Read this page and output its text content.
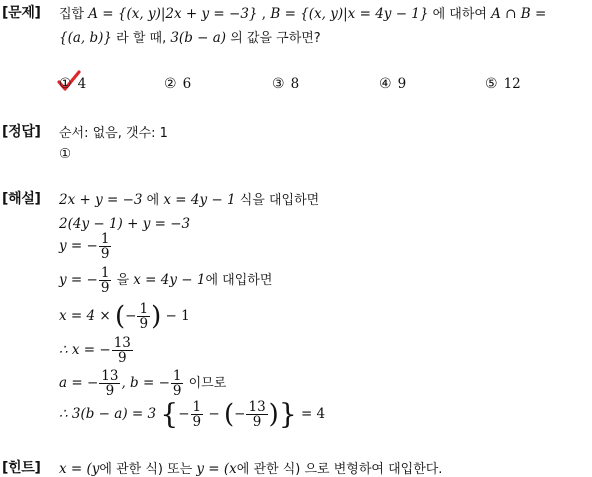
[문제] 집합 A = {(x, y)|2x + y = −3} , B = {(x, y)|x = 4y − 1} 에 대하여 A ∩ B =
{(a, b)} 라 할 때, 3(b − a) 의 값을 구하면?
① 4	② 6	③ 8	④ 9	⑤ 12
[정답] 순서: 없음, 갯수: 1
①
[해설] 2x + y = −3 에 x = 4y − 1 식을 대입하면
2(4y − 1) + y = −3
y = − $\frac{1}{9}$
y = − $\frac{1}{9}$ 을 x = 4y − 1에 대입하면
x = 4 × (− $\frac{1}{9}$ ) − 1
∴ x = − $\frac{13}{9}$
a = − $\frac{13}{9}$ , b = − $\frac{1}{9}$ 이므로
∴ 3(b − a) = 3 {− $\frac{1}{9}$ − (− $\frac{13}{9}$ )} = 4
[힌트] x = (y에 관한 식) 또는 y = (x에 관한 식) 으로 변형하여 대입한다.
